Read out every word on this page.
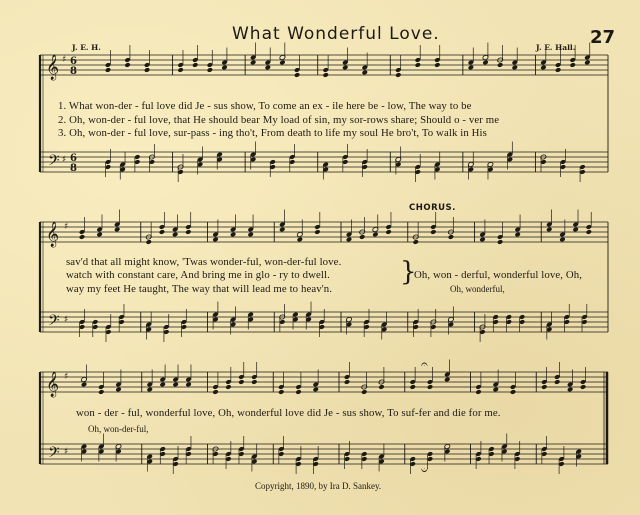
What Wonderful Love.	27
J. E. H.	J. E. Hall.
1. What won-der - ful love did Je - sus show, To come an ex - ile here be - low, The way to be
2. Oh, won-der - ful love, that He should bear My load of sin, my sor-rows share; Should o - ver me
3. Oh, won-der - ful love, sur-pass - ing tho't, From death to life my soul He bro't, To walk in His
CHORUS.
sav'd that all might know, 'Twas wonder-ful, won-der-ful love.
watch with constant care, And bring me in glo - ry to dwell.
way my feet He taught, The way that will lead me to heav'n.
Oh, won - derful, wonderful love, Oh,
Oh, wonderful,
won - der - ful, wonderful love, Oh, wonderful love did Je - sus show, To suf-fer and die for me.
Oh, won-der-ful,
Copyright, 1890, by Ira D. Sankey.
𝄞
𝄢
6
8
6
8
♯
♯
𝄞
𝄢
♯
♯
}
𝄞
𝄢
♯
♯
𝄐
𝄑
